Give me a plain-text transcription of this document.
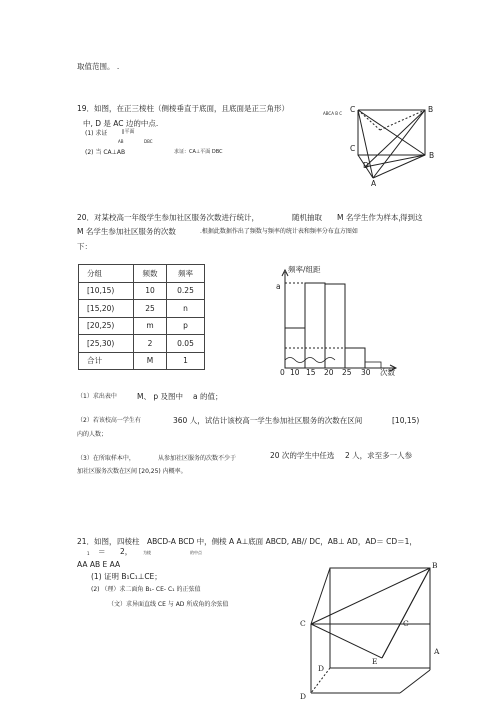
取值范围。 .
19．如图，在正三棱柱（侧棱垂直于底面，且底面是正三角形）
中, D 是 AC 边的中点.
(1) 求证	∥平面
AB	DBC
(2) 当 CA⊥AB	求证：CA⊥平面 DBC
ABCA B C C	B
C
D
B
A
20．对某校高一年级学生参加社区服务次数进行统计，	随机抽取 M 名学生作为样本，
得到这
M 名学生参加社区服务的次数	.根据此数据作出了频数与频率的统计表和频率分布直方图如
下：
分组	频数	频率
[10,15)	10	0.25
[15,20)	25	n
[20,25)	m	p
[25,30)	2	0.05
合计	M	1
频率/组距
a
0 10 15 20 25 30 次数
（1）求出表中	M、 p 及图中 a 的值；
（2）若该校高一学生有	360 人，试估计该校高一学生参加社区服务的次数在区间	[10,15)
内的人数；
（3）在所取样本中，	从参加社区服务的次数不少于	20 次的学生中任选 2 人，求至多一人参
加社区服务次数在区间 [20,25) 内概率。
21．如图， 四棱柱 ABCD-A BCD 中，侧棱 A A⊥底面 ABCD, AB// DC，AB⊥ AD，AD＝ CD＝1，
1 ＝ 2，	为棱	的中点
AA AB E AA
(1) 证明 B₁C₁⊥CE；
(2) （理）求二面角 B₁- CE- C₁ 的正弦值
（文）求异面直线 CE 与 AD 所成角的余弦值
B
C	C
E
A
D
D
